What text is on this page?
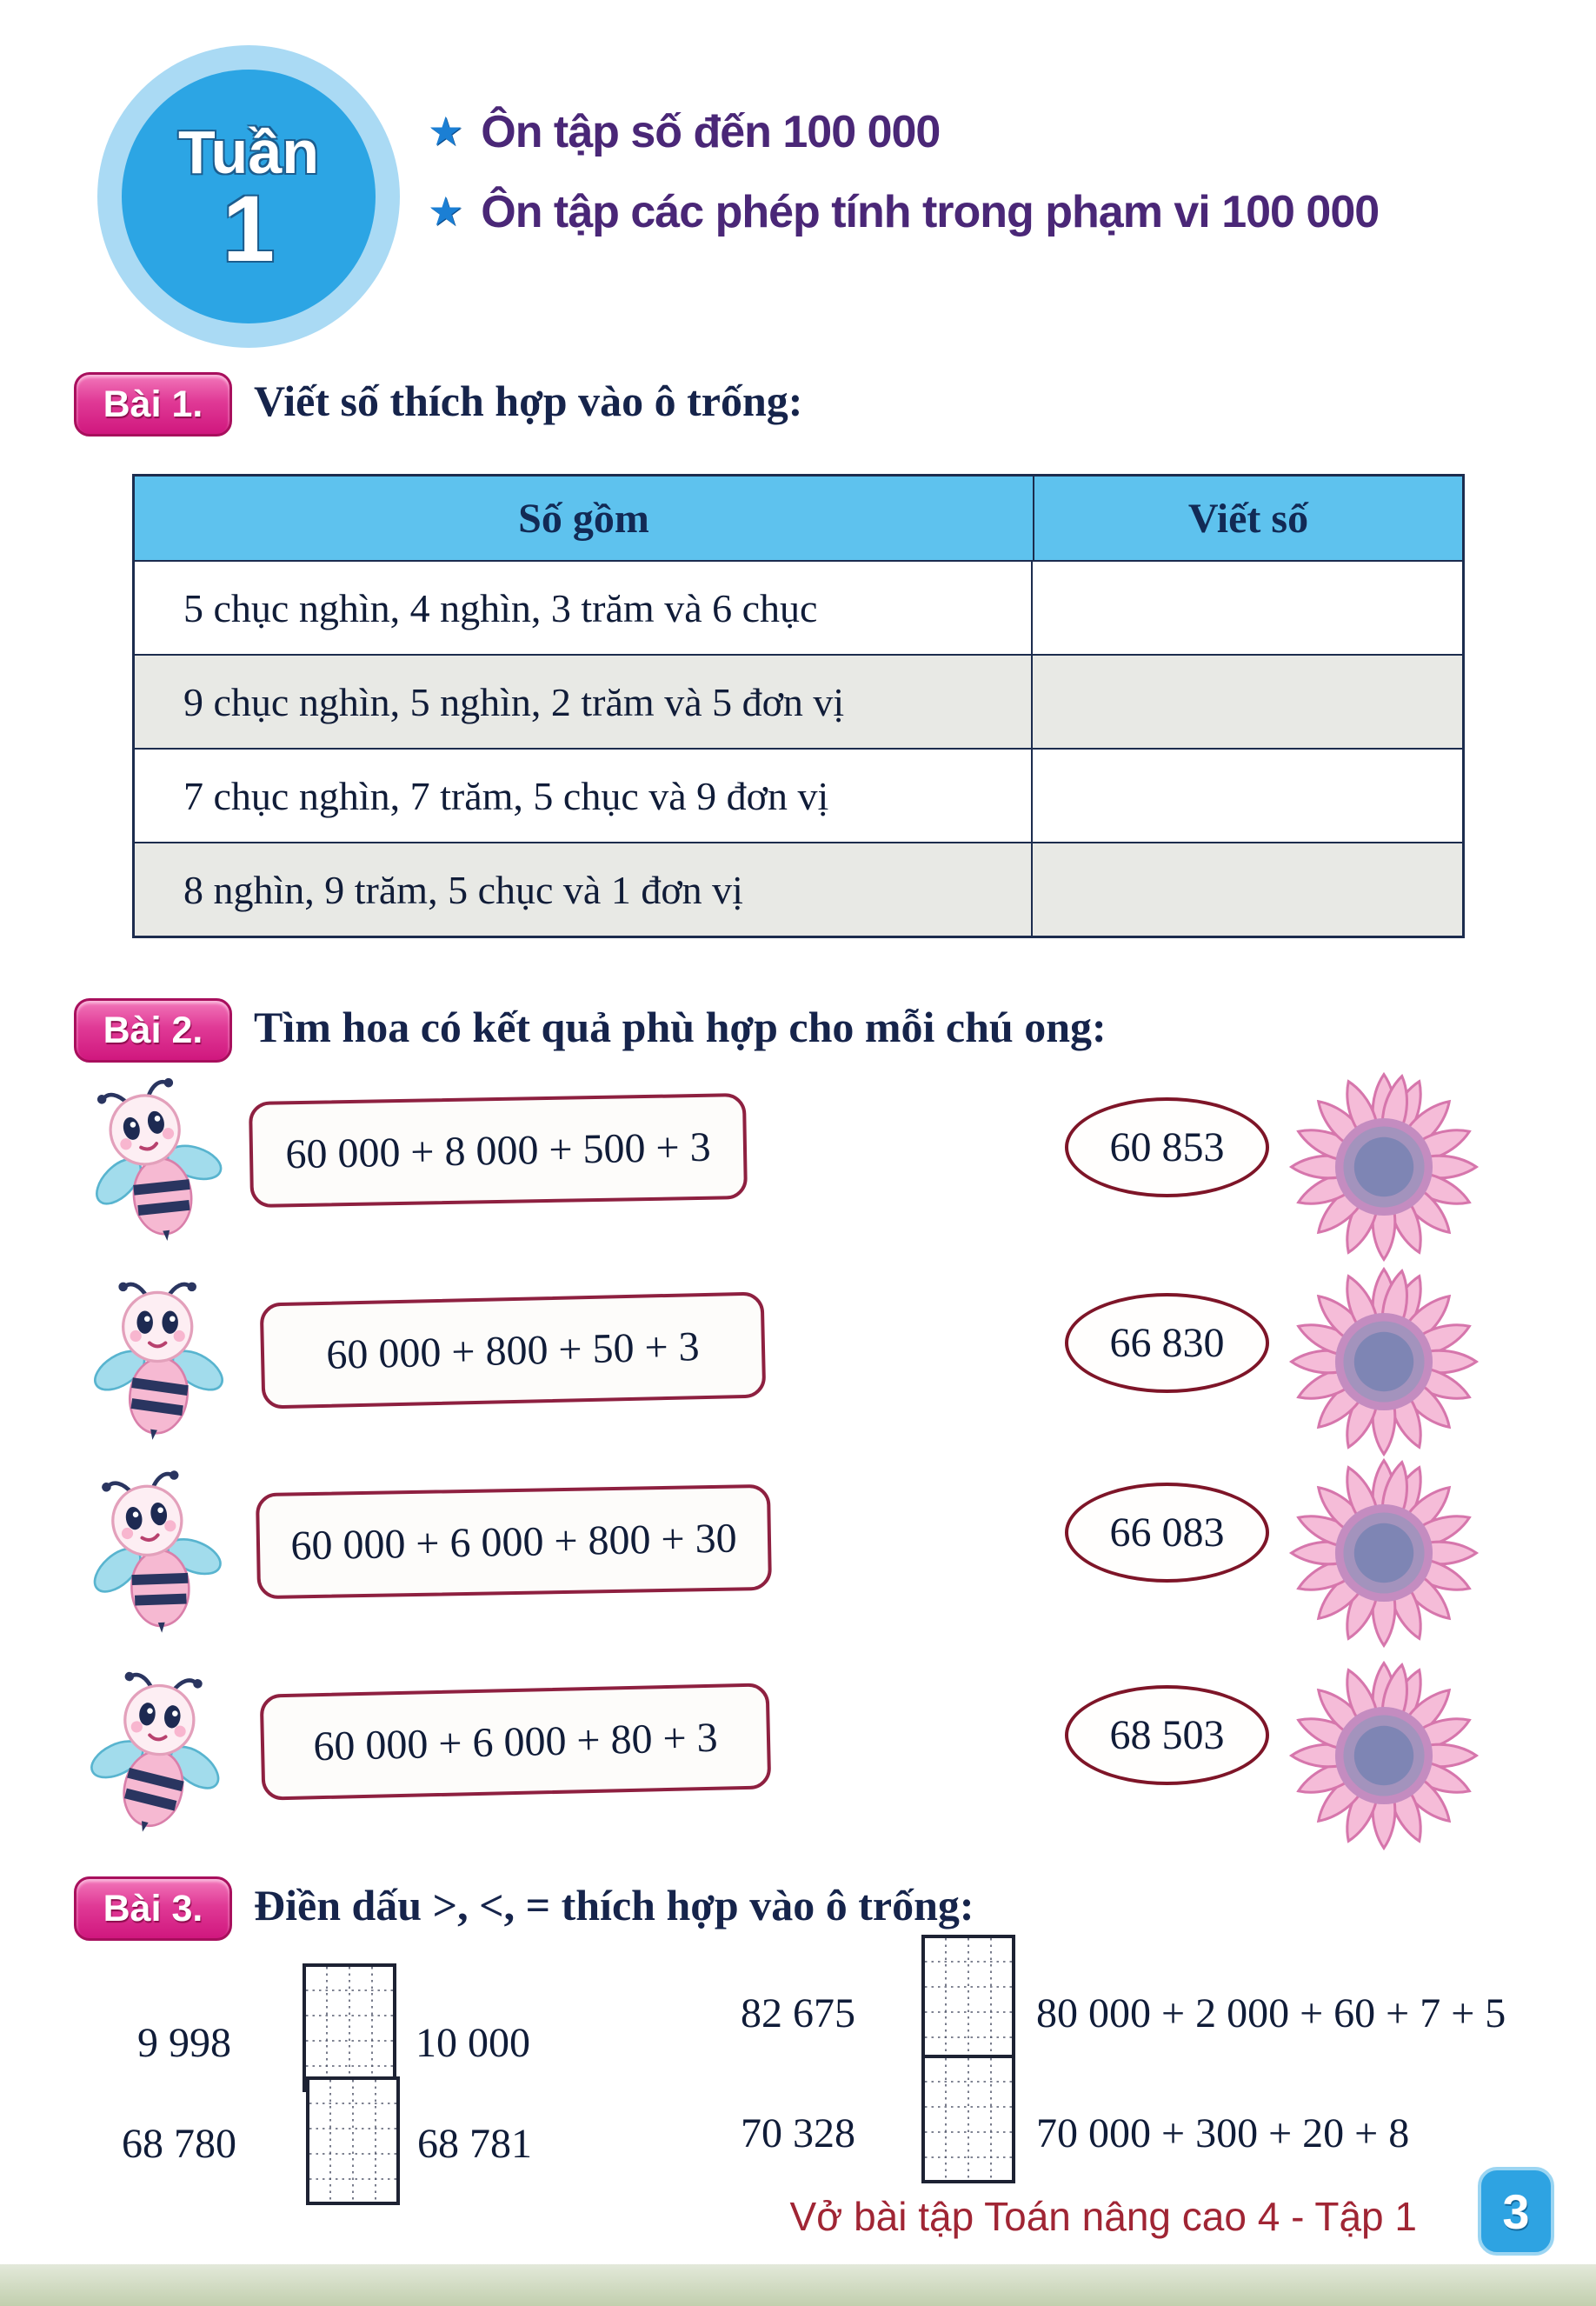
Tuần
1
★ Ôn tập số đến 100 000
★ Ôn tập các phép tính trong phạm vi 100 000
Bài 1.	Viết số thích hợp vào ô trống:
Số gồm	Viết số
5 chục nghìn, 4 nghìn, 3 trăm và 6 chục
9 chục nghìn, 5 nghìn, 2 trăm và 5 đơn vị
7 chục nghìn, 7 trăm, 5 chục và 9 đơn vị
8 nghìn, 9 trăm, 5 chục và 1 đơn vị
Bài 2.	Tìm hoa có kết quả phù hợp cho mỗi chú ong:
60 000 + 8 000 + 500 + 3	60 853
60 000 + 800 + 50 + 3	66 830
60 000 + 6 000 + 800 + 30	66 083
60 000 + 6 000 + 80 + 3	68 503
Bài 3.	Điền dấu >, <, = thích hợp vào ô trống:
9 998	10 000
68 780	68 781
82 675	80 000 + 2 000 + 60 + 7 + 5
70 328	70 000 + 300 + 20 + 8
Vở bài tập Toán nâng cao 4 - Tập 1	3
